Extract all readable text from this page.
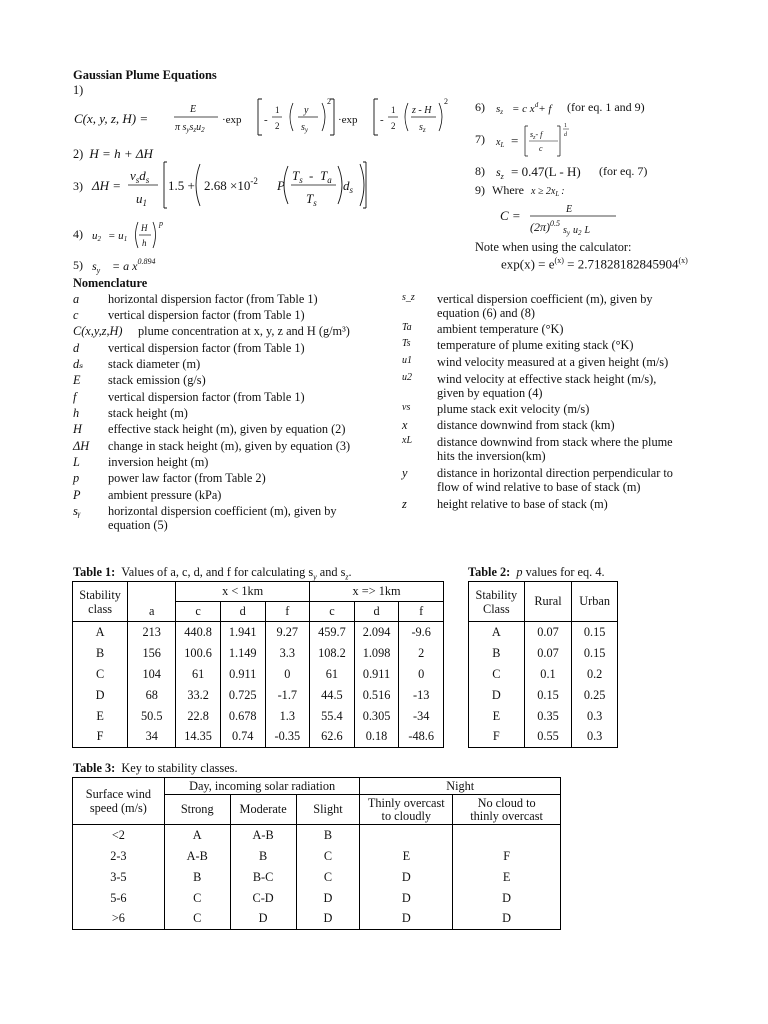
Gaussian Plume Equations
1)
C(x, y, z, H) =
E
π $s_ys_zu_2$
·exp -
1
2
y
$s_y$
2
·exp -
1
2
z - H
$s_z$
2
2) H = h + ΔH
3) ΔH =
$v_sd_s$
$u_1$
$1.5 + 2.68 \times 10^{-2}$ P
$T_s - T_a$
$T_s$
$d_s$
4) u2 = u1
H
h
p
5) $s_y = a$ $x^{0.894}$
6) sz = c $x^d+ f$ (for eq. 1 and 9)
7) $x_L = s_z-$ f
c
1
d
8) $s_z = 0.47(L - H)$ (for eq. 7)
9) Where $x \ge 2x_L$ :
C =	E
$(2\pi)^{0.5}_sy$ u2 L
Note when using the calculator:
$\exp(x) = e^{(x)} = 2.71828182845904^{(x)}$
Nomenclature
a horizontal dispersion factor (from Table 1)
c vertical dispersion factor (from Table 1)
C(x,y,z,H) plume concentration at x, y, z and H (g/m³)
d vertical dispersion factor (from Table 1)
dₛ stack diameter (m)
E stack emission (g/s)
f	vertical dispersion factor (from Table 1)
h stack height (m)
H effective stack height (m), given by equation (2)
ΔH change in stack height (m), given by equation (3)
L inversion height (m)
p power law factor (from Table 2)
P ambient pressure (kPa)
sᵧ horizontal dispersion coefficient (m), given by
equation (5)
s_z vertical dispersion coefficient (m), given by
equation (6) and (8)
Ta ambient temperature (°K)
Ts temperature of plume exiting stack (°K)
u1 wind velocity measured at a given height (m/s)
u2 wind velocity at effective stack height (m/s),
given by equation (4)
vs plume stack exit velocity (m/s)
x distance downwind from stack (km)
xL distance downwind from stack where the plume
hits the inversion(km)
y distance in horizontal direction perpendicular to
flow of wind relative to base of stack (m)
z height relative to base of stack (m)
Table 1: Values of a, c, d, and f for calculating $s_y$ and $s_z$.
Stability
class	a	x < 1km			x => 1km		
		c	d	f	c	d	f
A	213	440.8	1.941	9.27	459.7	2.094	-9.6
B	156	100.6	1.149	3.3	108.2	1.098	2
C	104	61	0.911	0	61	0.911	0
D	68	33.2	0.725	-1.7	44.5	0.516	-13
E	50.5	22.8	0.678	1.3	55.4	0.305	-34
F	34	14.35	0.74	-0.35	62.6	0.18	-48.6
Table 2: p values for eq. 4.
Stability
Class	Rural	Urban
A	0.07	0.15
B	0.07	0.15
C	0.1	0.2
D	0.15	0.25
E	0.35	0.3
F	0.55	0.3
Table 3: Key to stability classes.
Surface wind
speed (m/s)	Day, incoming solar radiation			Night	
	Strong	Moderate	Slight	Thinly overcast
to cloudly	No cloud to
thinly overcast
<2	A	A-B	B		
2-3	A-B	B	C	E	F
3-5	B	B-C	C	D	E
5-6	C	C-D	D	D	D
>6	C	D	D	D	D
